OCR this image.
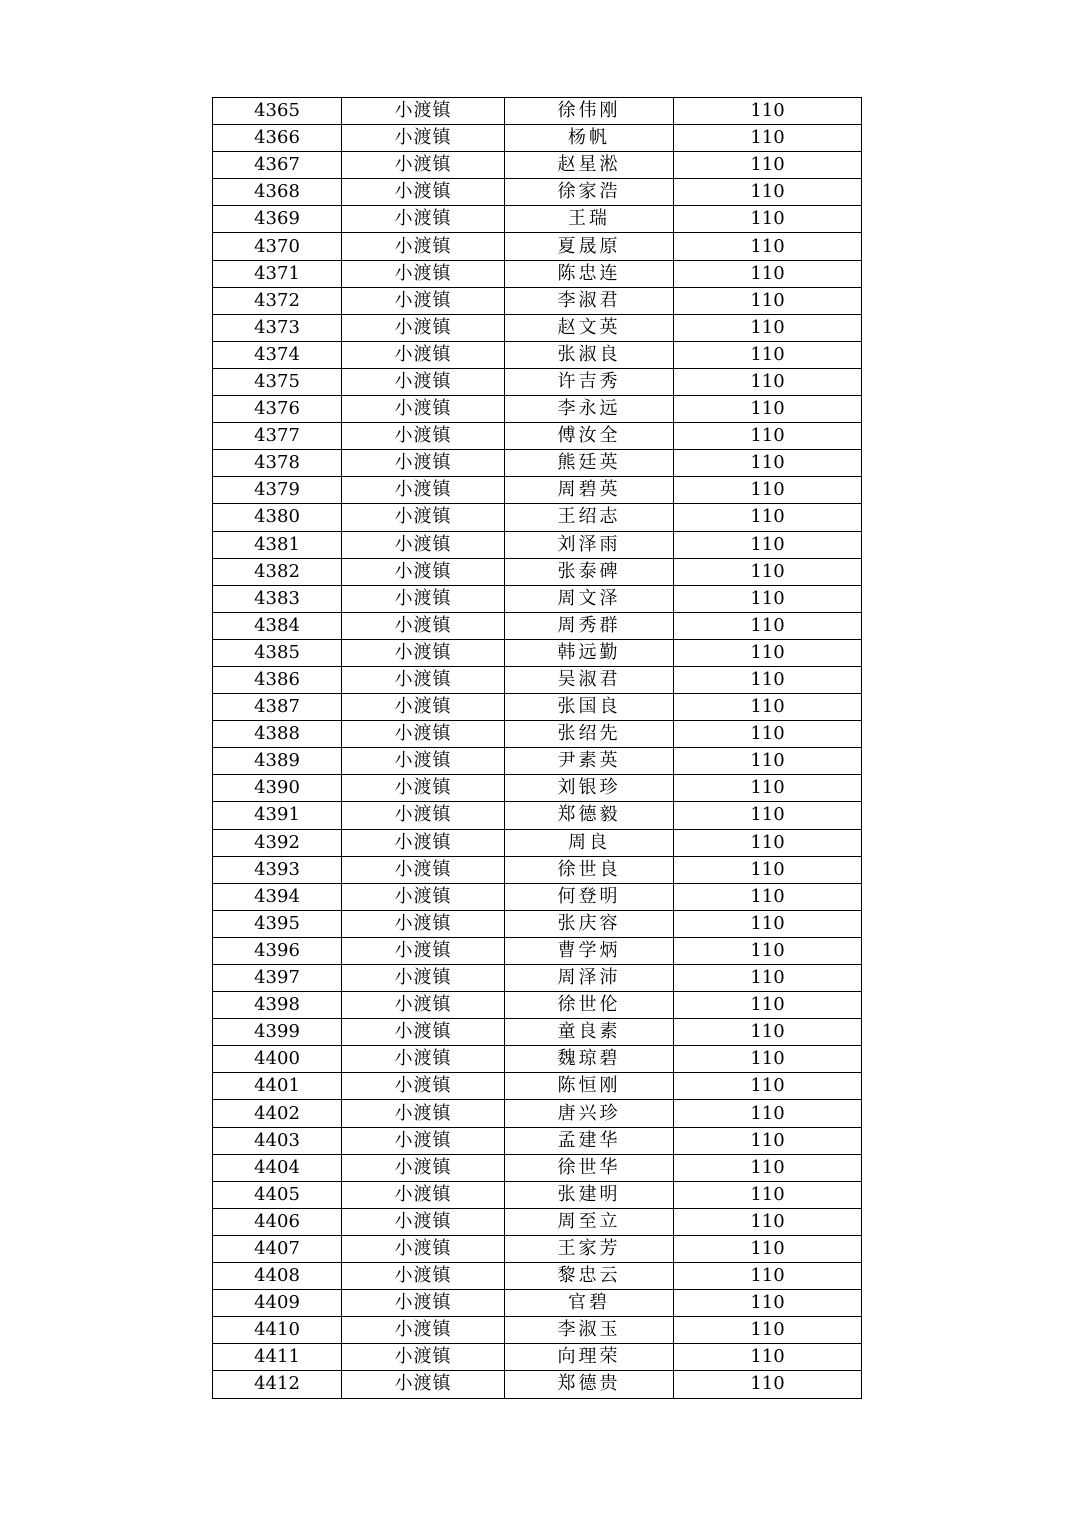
4365	小渡镇	徐伟刚	110
4366	小渡镇	杨帆	110
4367	小渡镇	赵星淞	110
4368	小渡镇	徐家浩	110
4369	小渡镇	王瑞	110
4370	小渡镇	夏晟原	110
4371	小渡镇	陈忠连	110
4372	小渡镇	李淑君	110
4373	小渡镇	赵文英	110
4374	小渡镇	张淑良	110
4375	小渡镇	许吉秀	110
4376	小渡镇	李永远	110
4377	小渡镇	傅汝全	110
4378	小渡镇	熊廷英	110
4379	小渡镇	周碧英	110
4380	小渡镇	王绍志	110
4381	小渡镇	刘泽雨	110
4382	小渡镇	张泰碑	110
4383	小渡镇	周文泽	110
4384	小渡镇	周秀群	110
4385	小渡镇	韩远勤	110
4386	小渡镇	吴淑君	110
4387	小渡镇	张国良	110
4388	小渡镇	张绍先	110
4389	小渡镇	尹素英	110
4390	小渡镇	刘银珍	110
4391	小渡镇	郑德毅	110
4392	小渡镇	周良	110
4393	小渡镇	徐世良	110
4394	小渡镇	何登明	110
4395	小渡镇	张庆容	110
4396	小渡镇	曹学炳	110
4397	小渡镇	周泽沛	110
4398	小渡镇	徐世伦	110
4399	小渡镇	童良素	110
4400	小渡镇	魏琼碧	110
4401	小渡镇	陈恒刚	110
4402	小渡镇	唐兴珍	110
4403	小渡镇	孟建华	110
4404	小渡镇	徐世华	110
4405	小渡镇	张建明	110
4406	小渡镇	周至立	110
4407	小渡镇	王家芳	110
4408	小渡镇	黎忠云	110
4409	小渡镇	官碧	110
4410	小渡镇	李淑玉	110
4411	小渡镇	向理荣	110
4412	小渡镇	郑德贵	110
